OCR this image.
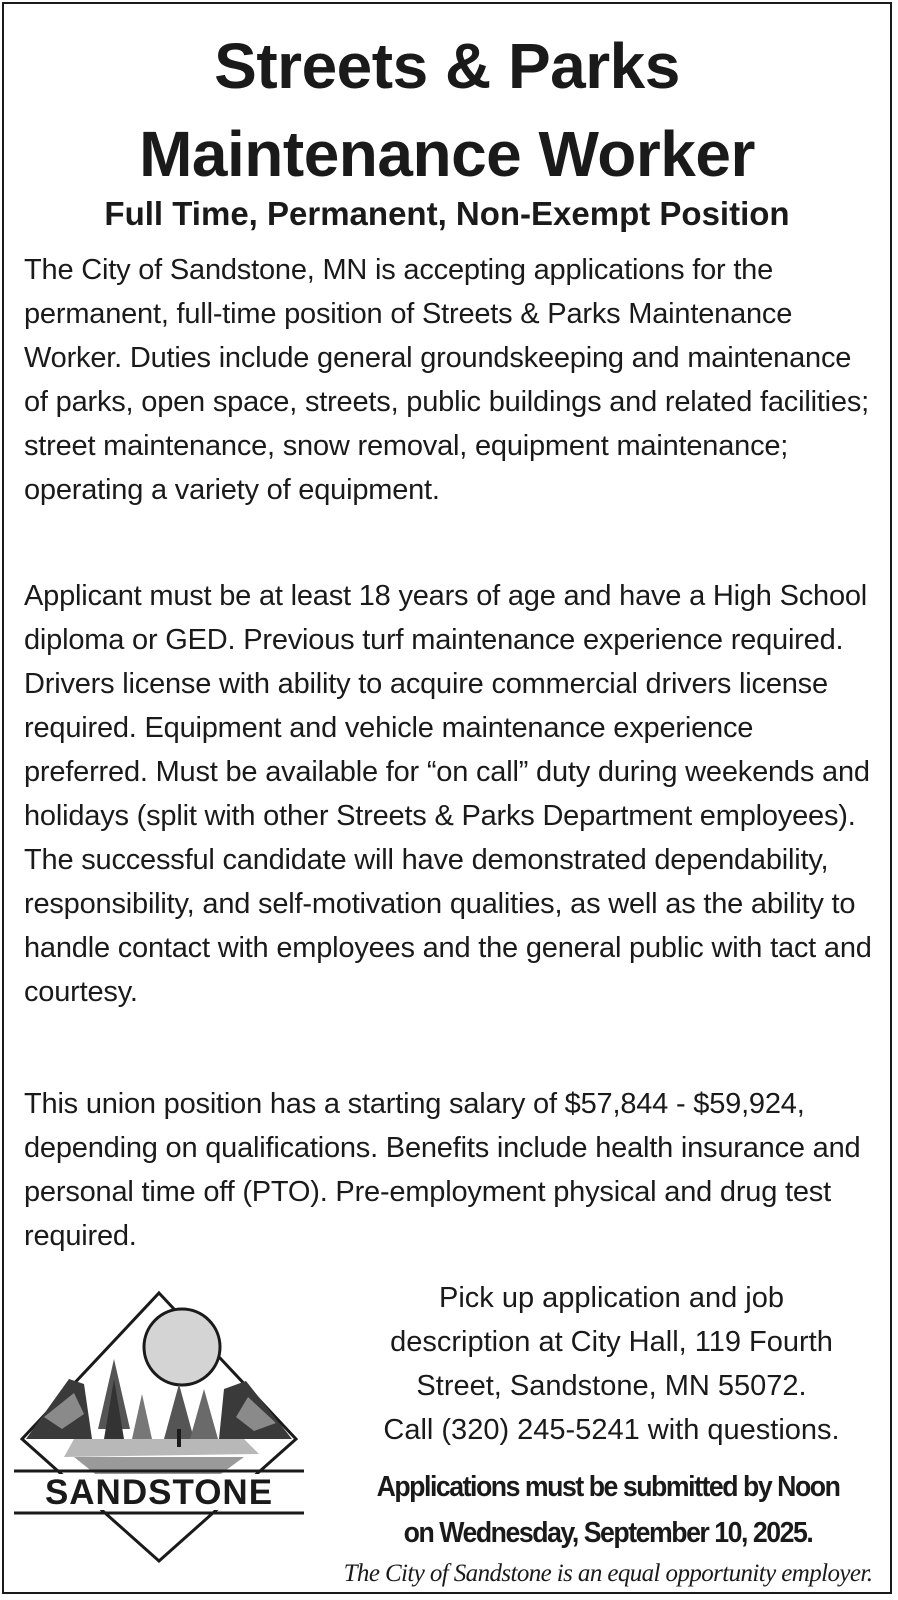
Streets & Parks
Maintenance Worker
Full Time, Permanent, Non-Exempt Position

The City of Sandstone, MN is accepting applications for the permanent, full-time position of Streets & Parks Maintenance Worker. Duties include general groundskeeping and maintenance of parks, open space, streets, public buildings and related facilities; street maintenance, snow removal, equipment maintenance; operating a variety of equipment.

Applicant must be at least 18 years of age and have a High School diploma or GED. Previous turf maintenance experience required. Drivers license with ability to acquire commercial drivers license required. Equipment and vehicle maintenance experience preferred. Must be available for “on call” duty during weekends and holidays (split with other Streets & Parks Department employees). The successful candidate will have demonstrated dependability, responsibility, and self-motivation qualities, as well as the ability to handle contact with employees and the general public with tact and courtesy.

This union position has a starting salary of $57,844 - $59,924, depending on qualifications. Benefits include health insurance and personal time off (PTO). Pre-employment physical and drug test required.

SANDSTONE

Pick up application and job
description at City Hall, 119 Fourth
Street, Sandstone, MN 55072.
Call (320) 245-5241 with questions.

Applications must be submitted by Noon
on Wednesday, September 10, 2025.

The City of Sandstone is an equal opportunity employer.
